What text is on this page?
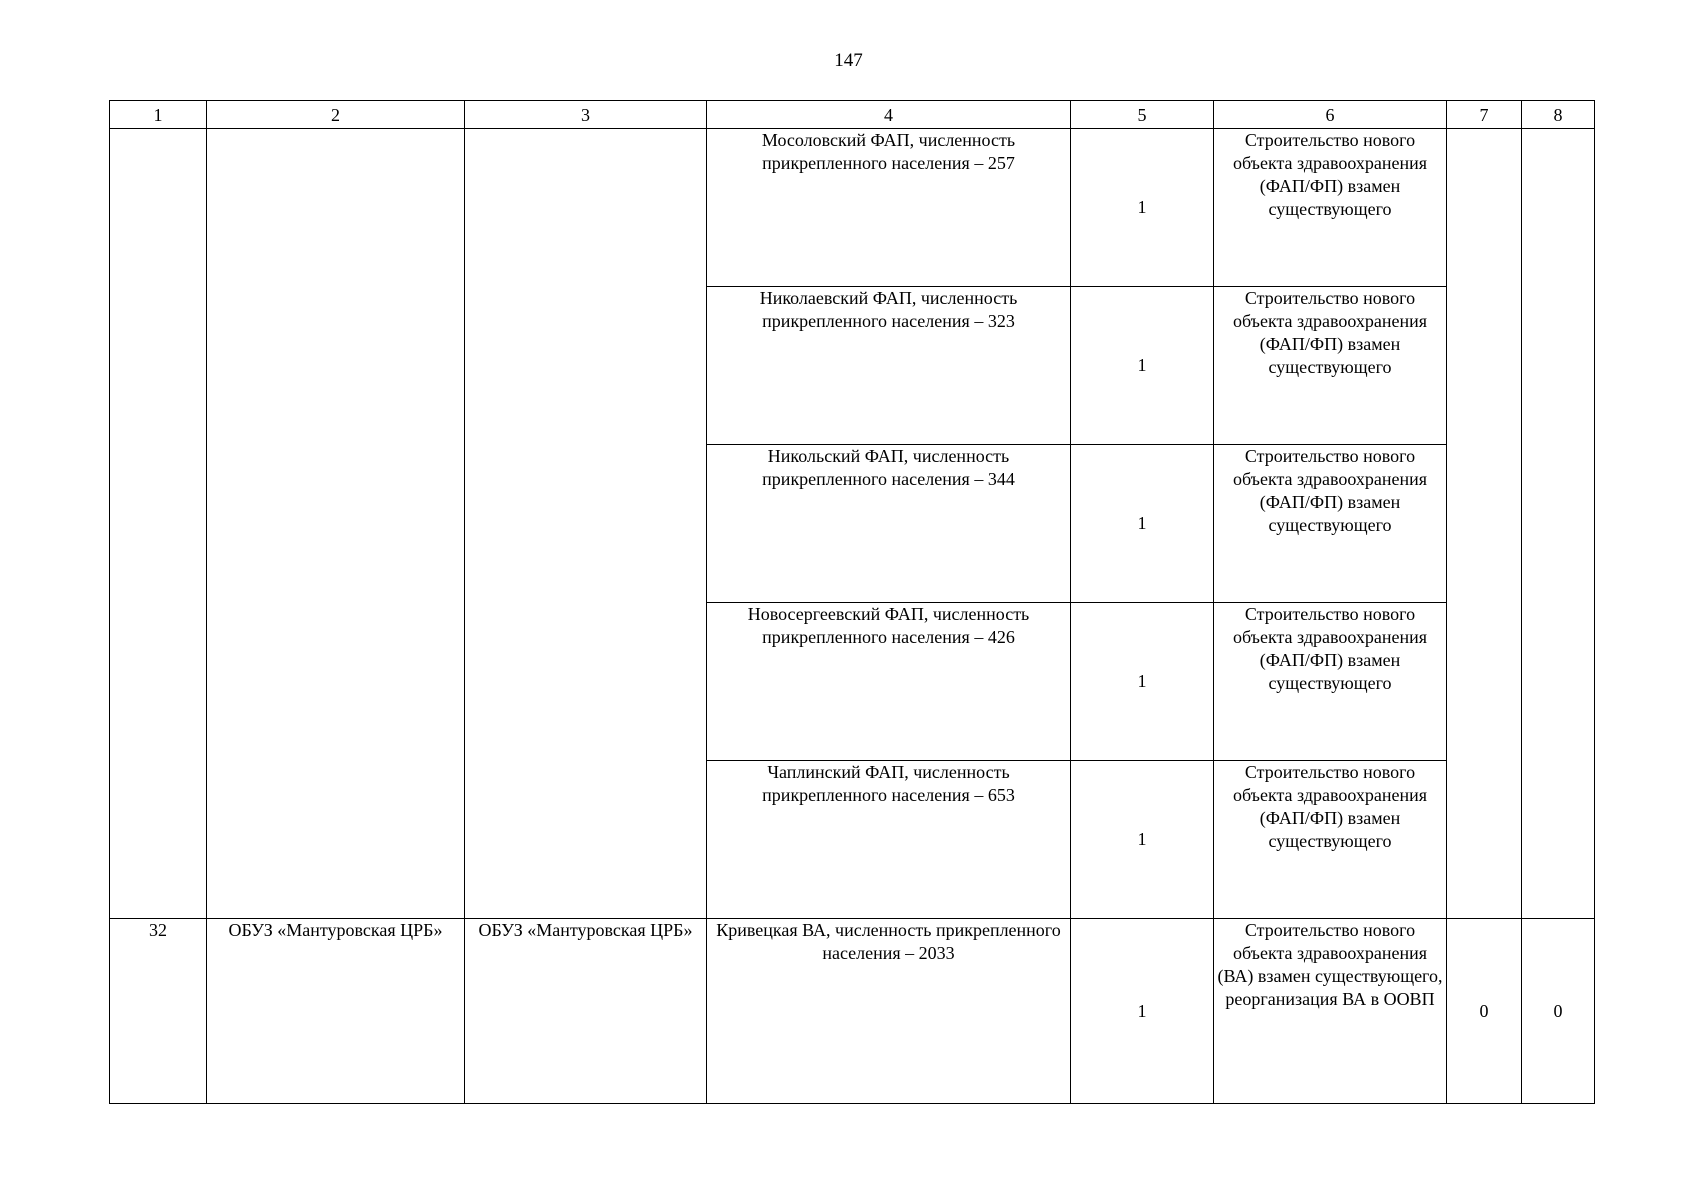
147
1	2	3	4	5	6	7	8
			Мосоловский ФАП, численность прикрепленного населения – 257	1	Строительство нового объекта здравоохранения (ФАП/ФП) взамен существующего		
			Николаевский ФАП, численность прикрепленного населения – 323	1	Строительство нового объекта здравоохранения (ФАП/ФП) взамен существующего		
			Никольский ФАП, численность прикрепленного населения – 344	1	Строительство нового объекта здравоохранения (ФАП/ФП) взамен существующего		
			Новосергеевский ФАП, численность прикрепленного населения – 426	1	Строительство нового объекта здравоохранения (ФАП/ФП) взамен существующего		
			Чаплинский ФАП, численность прикрепленного населения – 653	1	Строительство нового объекта здравоохранения (ФАП/ФП) взамен существующего		
32	ОБУЗ «Мантуровская ЦРБ»	ОБУЗ «Мантуровская ЦРБ»	Кривецкая ВА, численность прикрепленного населения – 2033	1	Строительство нового объекта здравоохранения (ВА) взамен существующего, реорганизация ВА в ООВП	0	0
